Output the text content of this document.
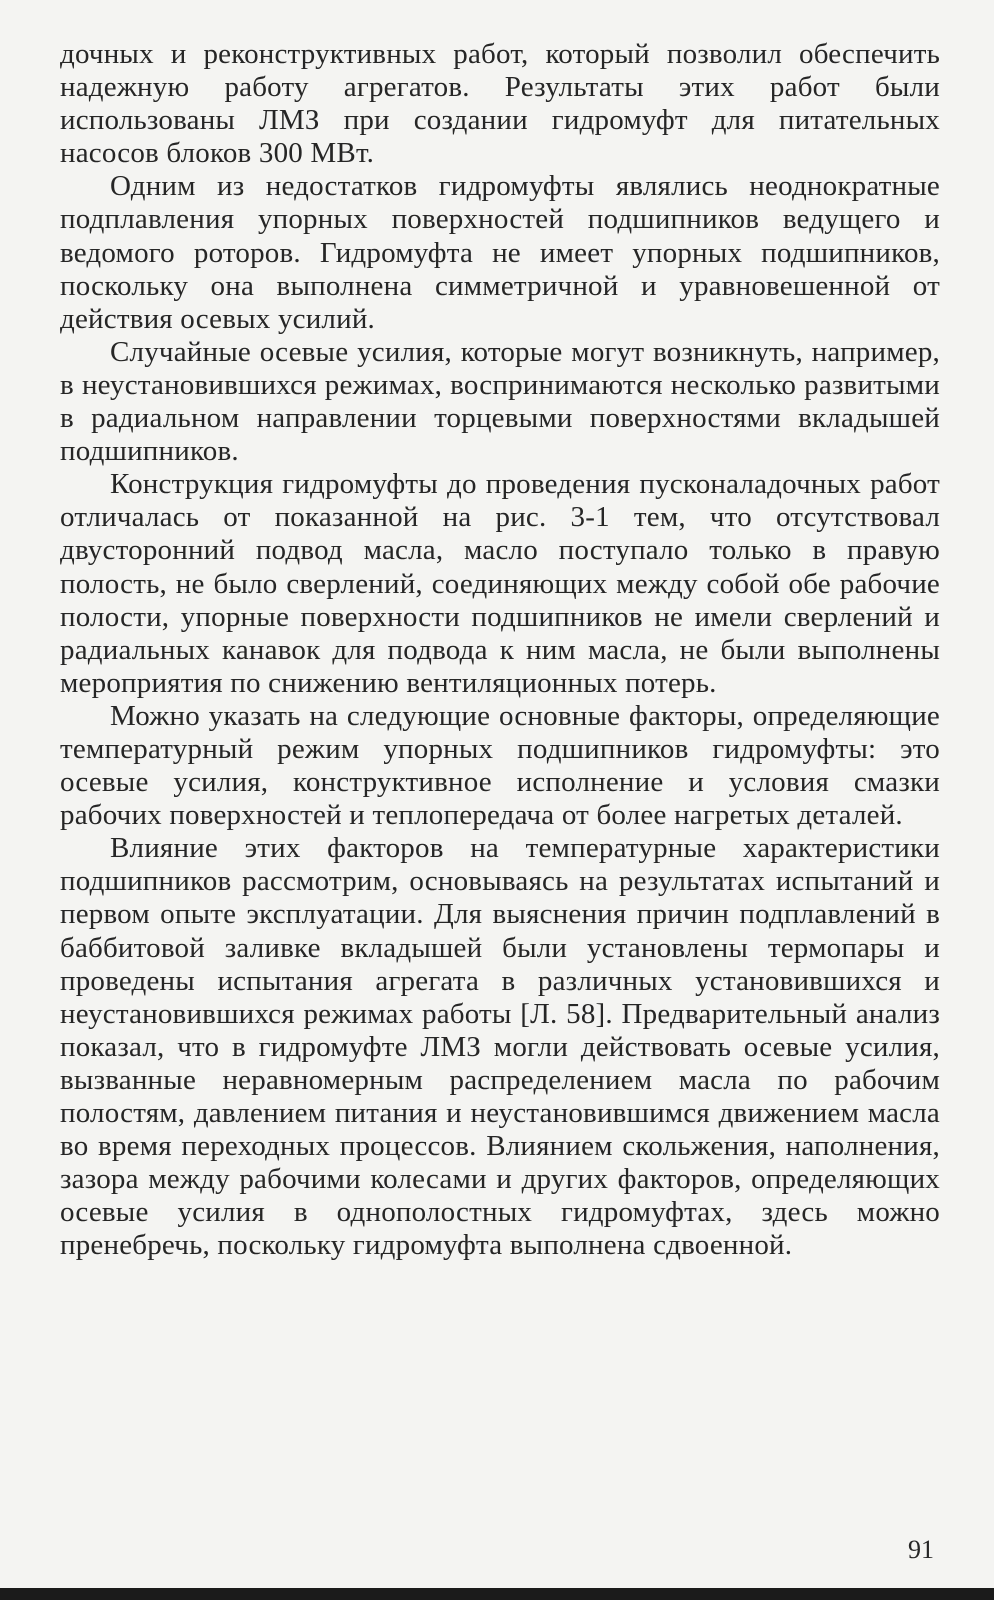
дочных и реконструктивных работ, который позволил обеспечить надежную работу агрегатов. Результаты этих работ были использованы ЛМЗ при создании гидромуфт для питательных насосов блоков 300 МВт.

Одним из недостатков гидромуфты являлись неоднократные подплавления упорных поверхностей подшипников ведущего и ведомого роторов. Гидромуфта не имеет упорных подшипников, поскольку она выполнена симметричной и уравновешенной от действия осевых усилий.

Случайные осевые усилия, которые могут возникнуть, например, в неустановившихся режимах, воспринимаются несколько развитыми в радиальном направлении торцевыми поверхностями вкладышей подшипников.

Конструкция гидромуфты до проведения пусконаладочных работ отличалась от показанной на рис. 3-1 тем, что отсутствовал двусторонний подвод масла, масло поступало только в правую полость, не было сверлений, соединяющих между собой обе рабочие полости, упорные поверхности подшипников не имели сверлений и радиальных канавок для подвода к ним масла, не были выполнены мероприятия по снижению вентиляционных потерь.

Можно указать на следующие основные факторы, определяющие температурный режим упорных подшипников гидромуфты: это осевые усилия, конструктивное исполнение и условия смазки рабочих поверхностей и теплопередача от более нагретых деталей.

Влияние этих факторов на температурные характеристики подшипников рассмотрим, основываясь на результатах испытаний и первом опыте эксплуатации. Для выяснения причин подплавлений в баббитовой заливке вкладышей были установлены термопары и проведены испытания агрегата в различных установившихся и неустановившихся режимах работы [Л. 58]. Предварительный анализ показал, что в гидромуфте ЛМЗ могли действовать осевые усилия, вызванные неравномерным распределением масла по рабочим полостям, давлением питания и неустановившимся движением масла во время переходных процессов. Влиянием скольжения, наполнения, зазора между рабочими колесами и других факторов, определяющих осевые усилия в однополостных гидромуфтах, здесь можно пренебречь, поскольку гидромуфта выполнена сдвоенной.

91
